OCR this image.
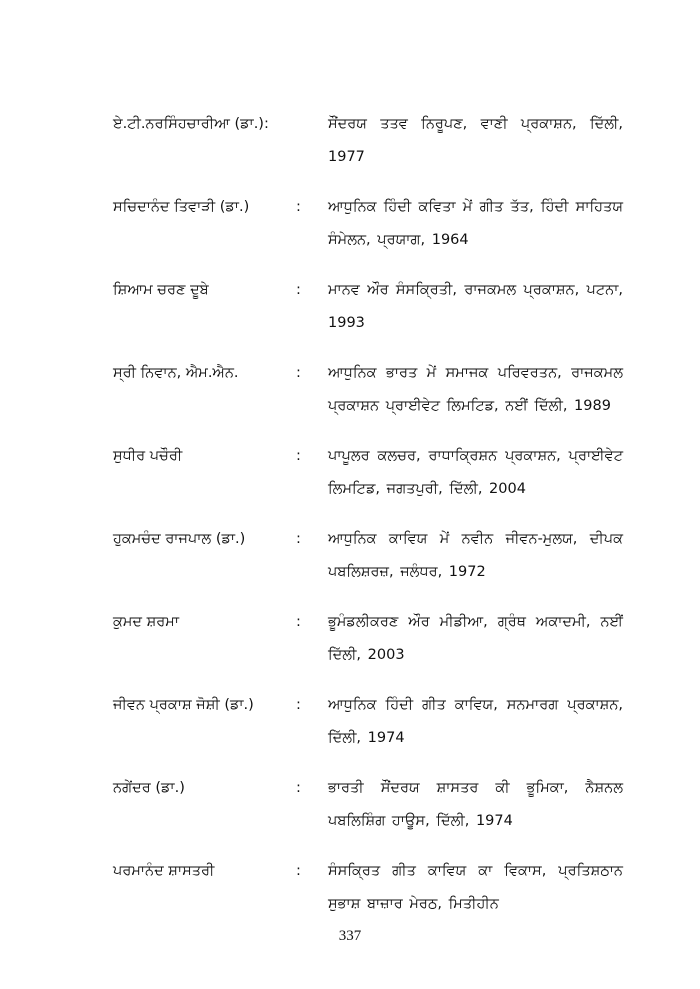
ਏ.ਟੀ.ਨਰਸਿੰਹਚਾਰੀਆ (ਡਾ.):	ਸੌਂਦਰਯ ਤਤਵ ਨਿਰੂਪਣ, ਵਾਣੀ ਪ੍ਰਕਾਸ਼ਨ, ਦਿੱਲੀ, 1977
ਸਚਿਦਾਨੰਦ ਤਿਵਾੜੀ (ਡਾ.)	:	ਆਧੁਨਿਕ ਹਿੰਦੀ ਕਵਿਤਾ ਮੇਂ ਗੀਤ ਤੱਤ, ਹਿੰਦੀ ਸਾਹਿਤਯ ਸੰਮੇਲਨ, ਪ੍ਰਯਾਗ, 1964
ਸ਼ਿਆਮ ਚਰਣ ਦੂਬੇ	:	ਮਾਨਵ ਔਰ ਸੰਸਕ੍ਰਿਤੀ, ਰਾਜਕਮਲ ਪ੍ਰਕਾਸ਼ਨ, ਪਟਨਾ, 1993
ਸ੍ਰੀ ਨਿਵਾਨ, ਐਮ.ਐਨ.	:	ਆਧੁਨਿਕ ਭਾਰਤ ਮੇਂ ਸਮਾਜਕ ਪਰਿਵਰਤਨ, ਰਾਜਕਮਲ ਪ੍ਰਕਾਸ਼ਨ ਪ੍ਰਾਈਵੇਟ ਲਿਮਟਿਡ, ਨਈਂ ਦਿੱਲੀ, 1989
ਸੁਧੀਰ ਪਚੌਰੀ	:	ਪਾਪੂਲਰ ਕਲਚਰ, ਰਾਧਾਕ੍ਰਿਸ਼ਨ ਪ੍ਰਕਾਸ਼ਨ, ਪ੍ਰਾਈਵੇਟ ਲਿਮਟਿਡ, ਜਗਤਪੁਰੀ, ਦਿੱਲੀ, 2004
ਹੁਕਮਚੰਦ ਰਾਜਪਾਲ (ਡਾ.)	:	ਆਧੁਨਿਕ ਕਾਵਿਯ ਮੇਂ ਨਵੀਨ ਜੀਵਨ-ਮੁਲਯ, ਦੀਪਕ ਪਬਲਿਸ਼ਰਜ਼, ਜਲੰਧਰ, 1972
ਕੁਮਦ ਸ਼ਰਮਾ	:	ਭੂਮੰਡਲੀਕਰਣ ਔਰ ਮੀਡੀਆ, ਗ੍ਰੰਥ ਅਕਾਦਮੀ, ਨਈਂ ਦਿੱਲੀ, 2003
ਜੀਵਨ ਪ੍ਰਕਾਸ਼ ਜੋਸ਼ੀ (ਡਾ.)	:	ਆਧੁਨਿਕ ਹਿੰਦੀ ਗੀਤ ਕਾਵਿਯ, ਸਨਮਾਰਗ ਪ੍ਰਕਾਸ਼ਨ, ਦਿੱਲੀ, 1974
ਨਗੇਂਦਰ (ਡਾ.)	:	ਭਾਰਤੀ ਸੌਂਦਰਯ ਸ਼ਾਸਤਰ ਕੀ ਭੂਮਿਕਾ, ਨੈਸ਼ਨਲ ਪਬਲਿਸ਼ਿੰਗ ਹਾਊਸ, ਦਿੱਲੀ, 1974
ਪਰਮਾਨੰਦ ਸ਼ਾਸਤਰੀ	:	ਸੰਸਕ੍ਰਿਤ ਗੀਤ ਕਾਵਿਯ ਕਾ ਵਿਕਾਸ, ਪ੍ਰਤਿਸ਼ਠਾਨ ਸੁਭਾਸ਼ ਬਾਜ਼ਾਰ ਮੇਰਠ, ਮਿਤੀਹੀਨ
337
